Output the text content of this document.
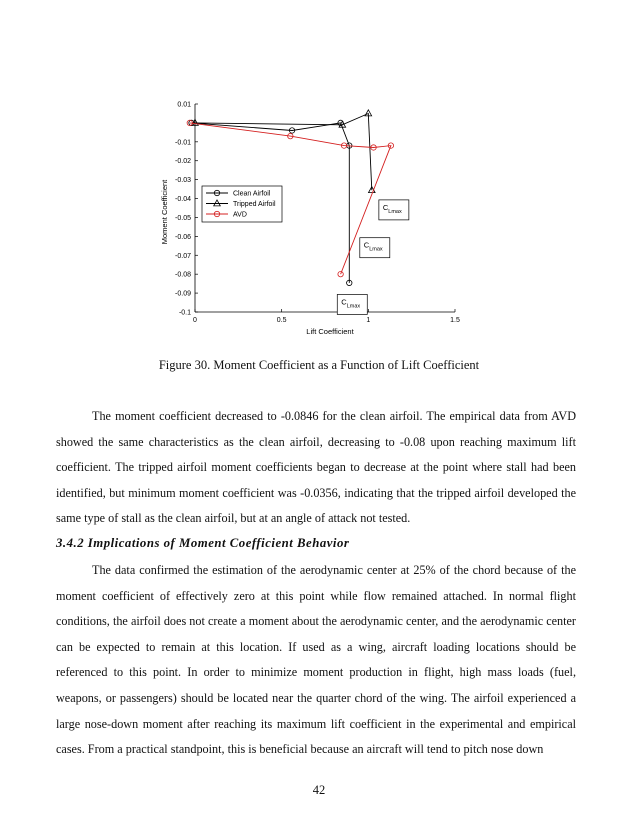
0.01
-0.01
-0.02
-0.03
-0.04
-0.05
-0.06
-0.07
-0.08
-0.09
-0.1
0	0.5	1	1.5
$C_{Lmax}$
$C_{Lmax}$
$C_{Lmax}$
Clean Airfoil
Tripped Airfoil
AVD
Lift Coefficient
Moment Coefficient
Figure 30. Moment Coefficient as a Function of Lift Coefficient

The moment coefficient decreased to -0.0846 for the clean airfoil. The empirical data from AVD showed the same characteristics as the clean airfoil, decreasing to -0.08 upon reaching maximum lift coefficient. The tripped airfoil moment coefficients began to decrease at the point where stall had been identified, but minimum moment coefficient was -0.0356, indicating that the tripped airfoil developed the same type of stall as the clean airfoil, but at an angle of attack not tested.

3.4.2 Implications of Moment Coefficient Behavior

The data confirmed the estimation of the aerodynamic center at 25% of the chord because of the moment coefficient of effectively zero at this point while flow remained attached. In normal flight conditions, the airfoil does not create a moment about the aerodynamic center, and the aerodynamic center can be expected to remain at this location. If used as a wing, aircraft loading locations should be referenced to this point. In order to minimize moment production in flight, high mass loads (fuel, weapons, or passengers) should be located near the quarter chord of the wing. The airfoil experienced a large nose-down moment after reaching its maximum lift coefficient in the experimental and empirical cases. From a practical standpoint, this is beneficial because an aircraft will tend to pitch nose down

42
